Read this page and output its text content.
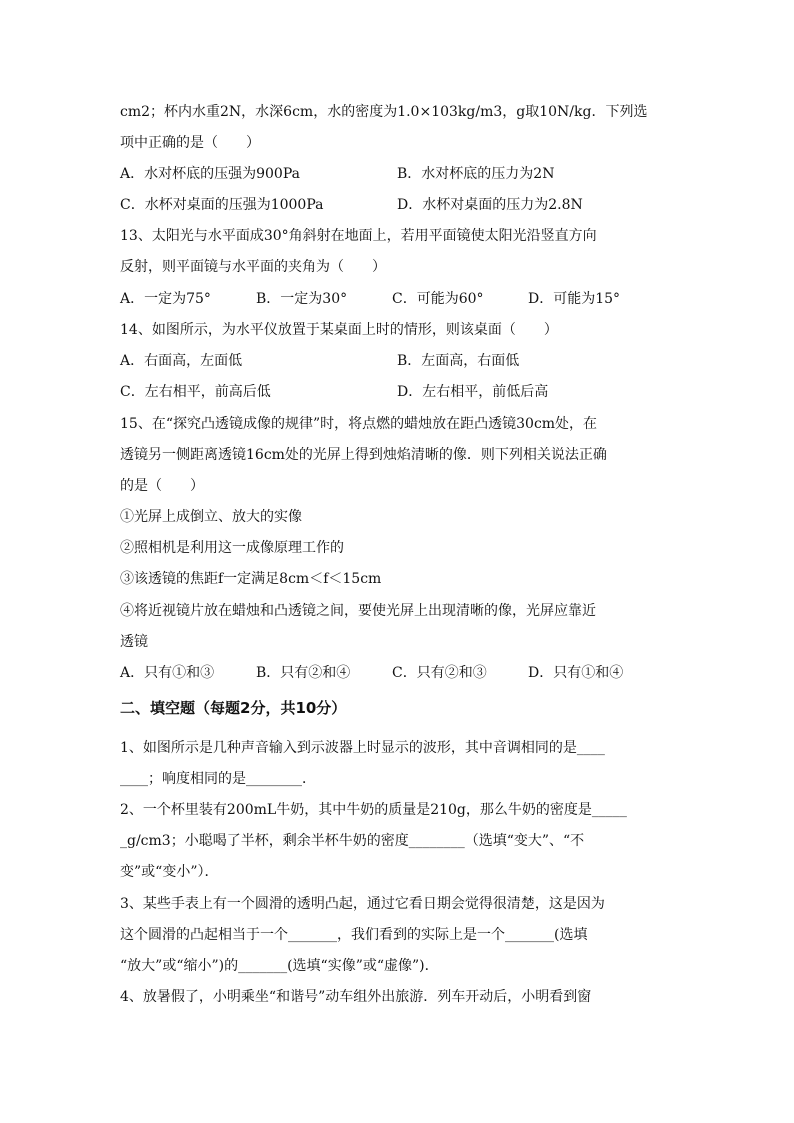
cm2；杯内水重2N，水深6cm，水的密度为1.0×103kg/m3，g取10N/kg．下列选
项中正确的是（　　）
A．水对杯底的压强为900Pa	B．水对杯底的压力为2N
C．水杯对桌面的压强为1000Pa	D．水杯对桌面的压力为2.8N
13、太阳光与水平面成30°角斜射在地面上，若用平面镜使太阳光沿竖直方向
反射，则平面镜与水平面的夹角为（　　）
A．一定为75°	B．一定为30°	C．可能为60°	D．可能为15°
14、如图所示，为水平仪放置于某桌面上时的情形，则该桌面（　　）
A．右面高，左面低	B．左面高，右面低
C．左右相平，前高后低	D．左右相平，前低后高
15、在“探究凸透镜成像的规律”时，将点燃的蜡烛放在距凸透镜30cm处，在
透镜另一侧距离透镜16cm处的光屏上得到烛焰清晰的像．则下列相关说法正确
的是（　　）
①光屏上成倒立、放大的实像
②照相机是利用这一成像原理工作的
③该透镜的焦距f一定满足8cm＜f＜15cm
④将近视镜片放在蜡烛和凸透镜之间，要使光屏上出现清晰的像，光屏应靠近
透镜
A．只有①和③	B．只有②和④	C．只有②和③	D．只有①和④
二、填空题（每题2分，共10分）
1、如图所示是几种声音输入到示波器上时显示的波形，其中音调相同的是____
____；响度相同的是________．
2、一个杯里装有200mL牛奶，其中牛奶的质量是210g，那么牛奶的密度是_____
_g/cm3；小聪喝了半杯，剩余半杯牛奶的密度________（选填“变大”、“不
变”或“变小”）．
3、某些手表上有一个圆滑的透明凸起，通过它看日期会觉得很清楚，这是因为
这个圆滑的凸起相当于一个_______，我们看到的实际上是一个_______(选填
“放大”或“缩小”)的_______(选填“实像”或“虚像”)．
4、放暑假了，小明乘坐“和谐号”动车组外出旅游．列车开动后，小明看到窗
